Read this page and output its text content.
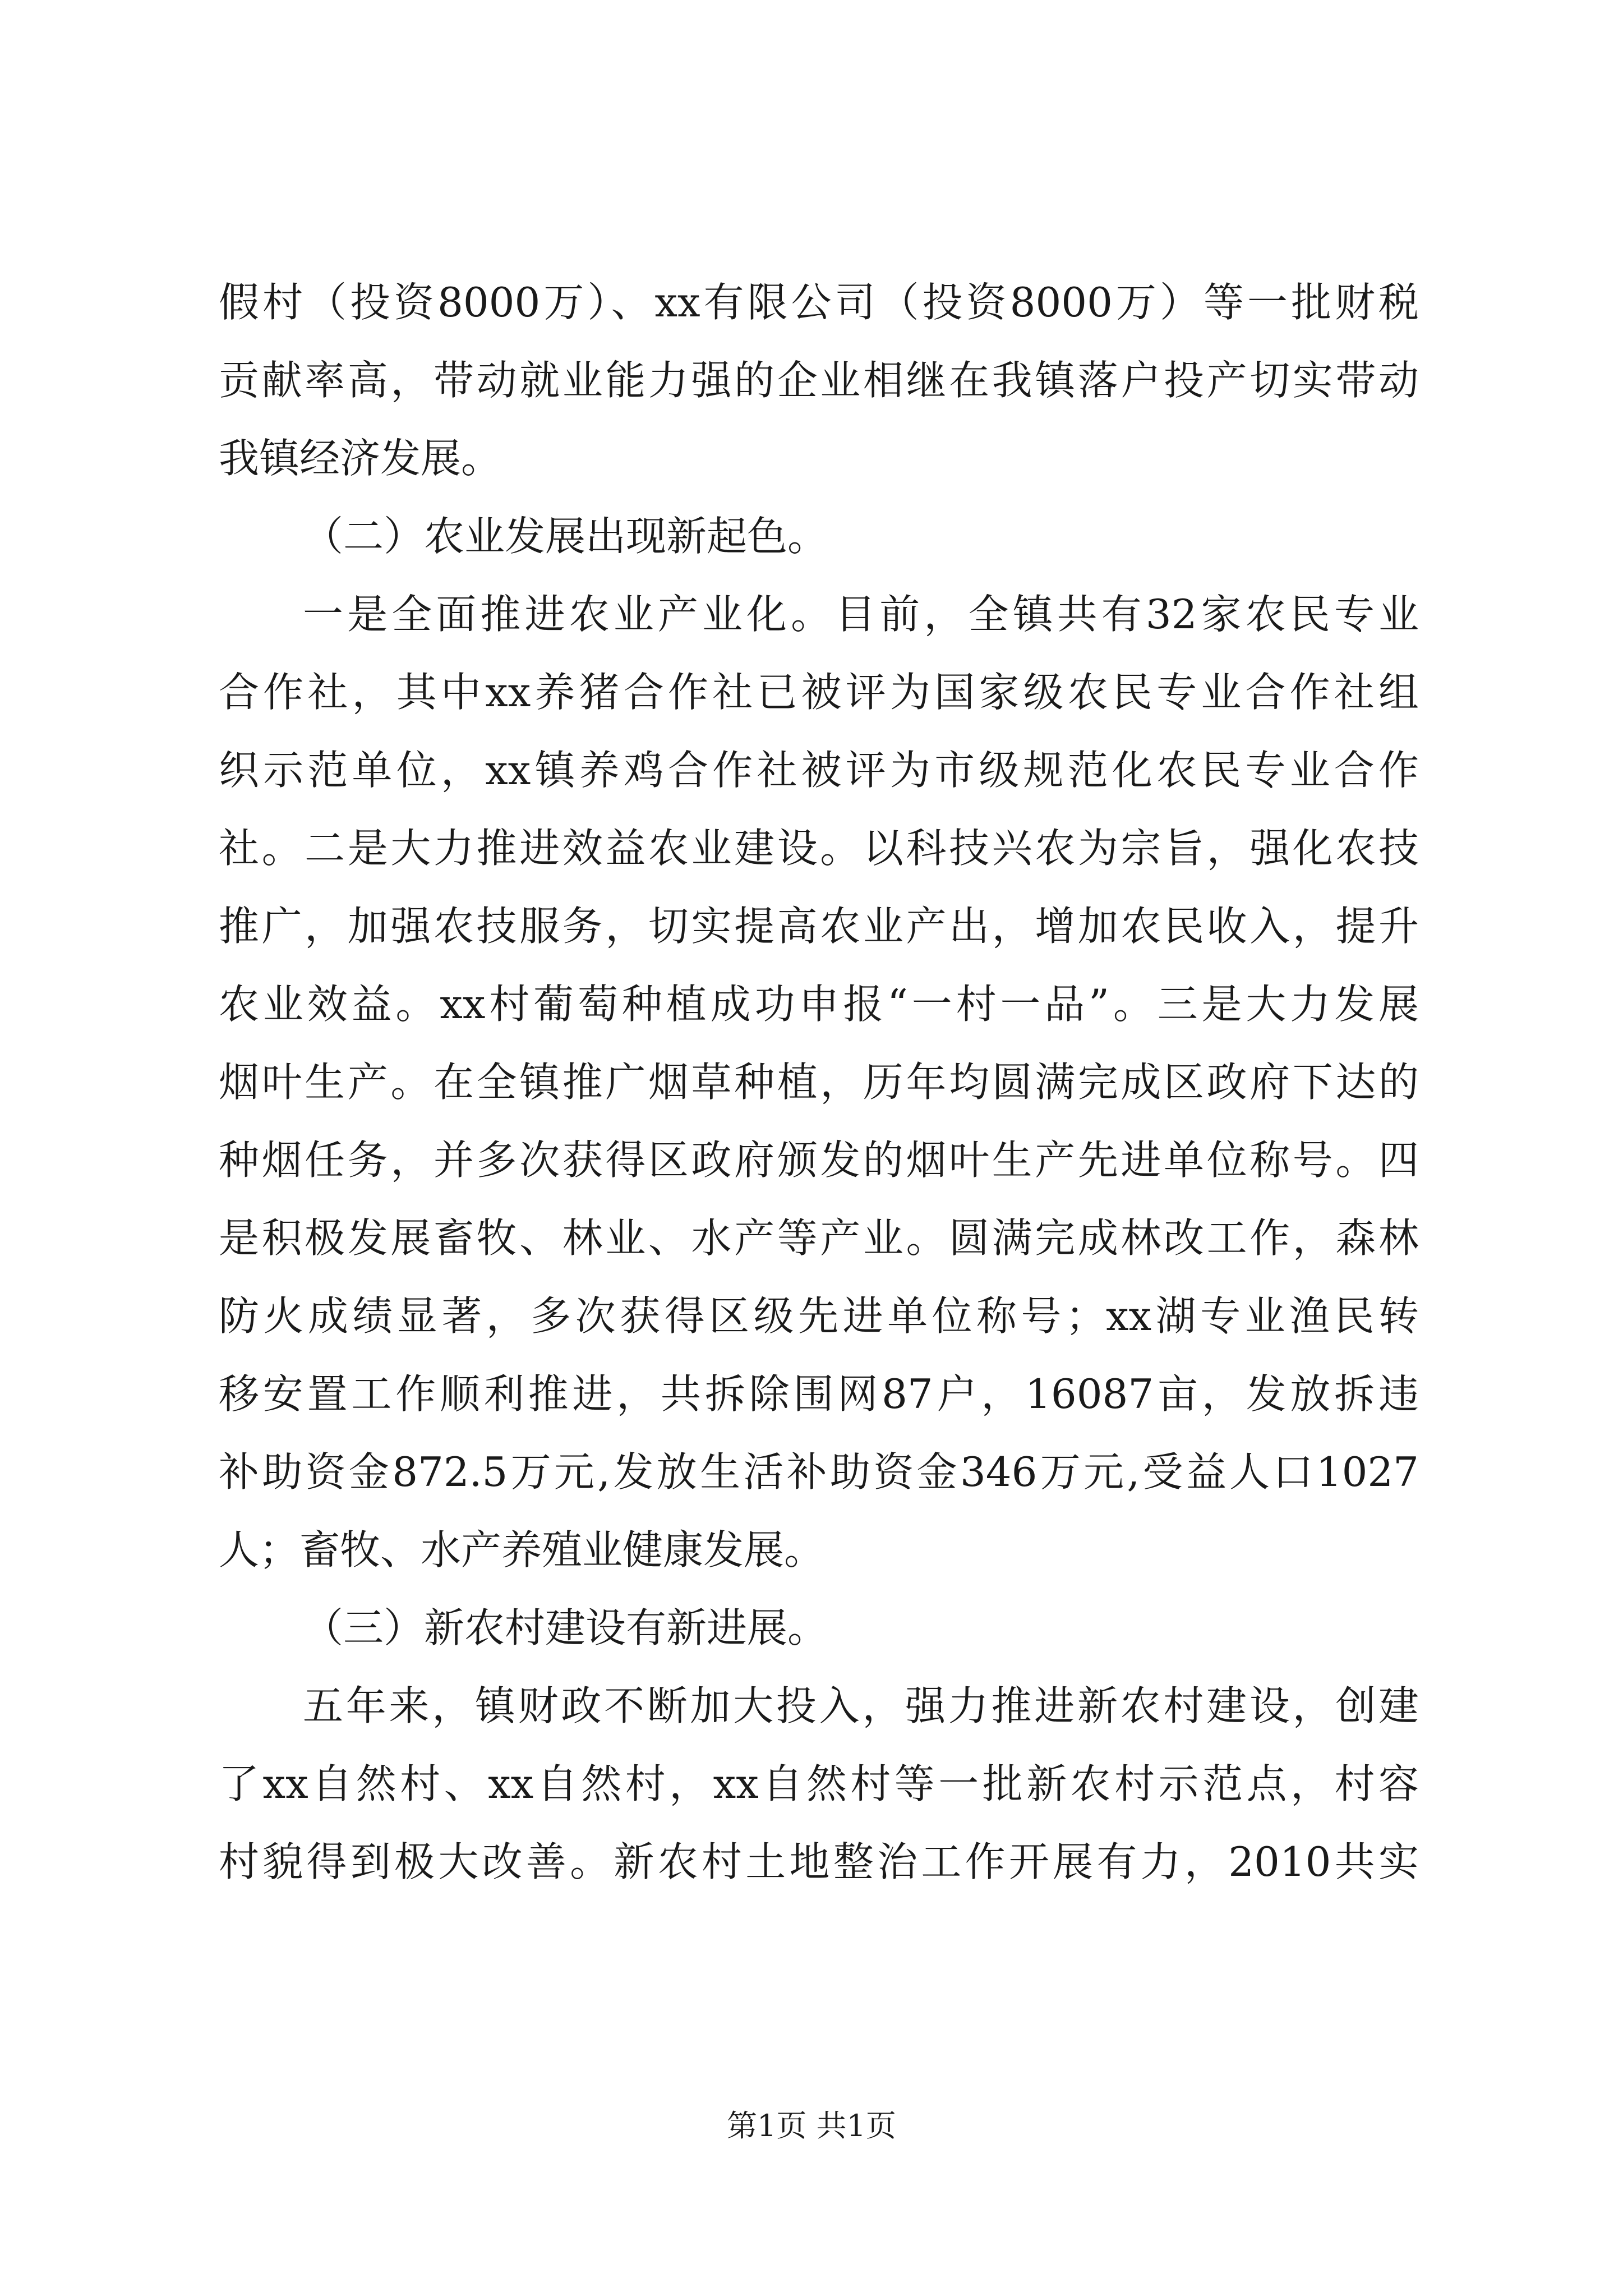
假村（投资8000万）、xx有限公司（投资8000万）等一批财税
贡献率高，带动就业能力强的企业相继在我镇落户投产切实带动
我镇经济发展。
（二）农业发展出现新起色。
一是全面推进农业产业化。目前，全镇共有32家农民专业
合作社，其中xx养猪合作社已被评为国家级农民专业合作社组
织示范单位，xx镇养鸡合作社被评为市级规范化农民专业合作
社。二是大力推进效益农业建设。以科技兴农为宗旨，强化农技
推广，加强农技服务，切实提高农业产出，增加农民收入，提升
农业效益。xx村葡萄种植成功申报“一村一品”。三是大力发展
烟叶生产。在全镇推广烟草种植，历年均圆满完成区政府下达的
种烟任务，并多次获得区政府颁发的烟叶生产先进单位称号。四
是积极发展畜牧、林业、水产等产业。圆满完成林改工作，森林
防火成绩显著，多次获得区级先进单位称号；xx湖专业渔民转
移安置工作顺利推进，共拆除围网87户，16087亩，发放拆违
补助资金872.5万元,发放生活补助资金346万元,受益人口1027
人；畜牧、水产养殖业健康发展。
（三）新农村建设有新进展。
五年来，镇财政不断加大投入，强力推进新农村建设，创建
了xx自然村、xx自然村，xx自然村等一批新农村示范点，村容
村貌得到极大改善。新农村土地整治工作开展有力，2010共实
第1页 共1页
